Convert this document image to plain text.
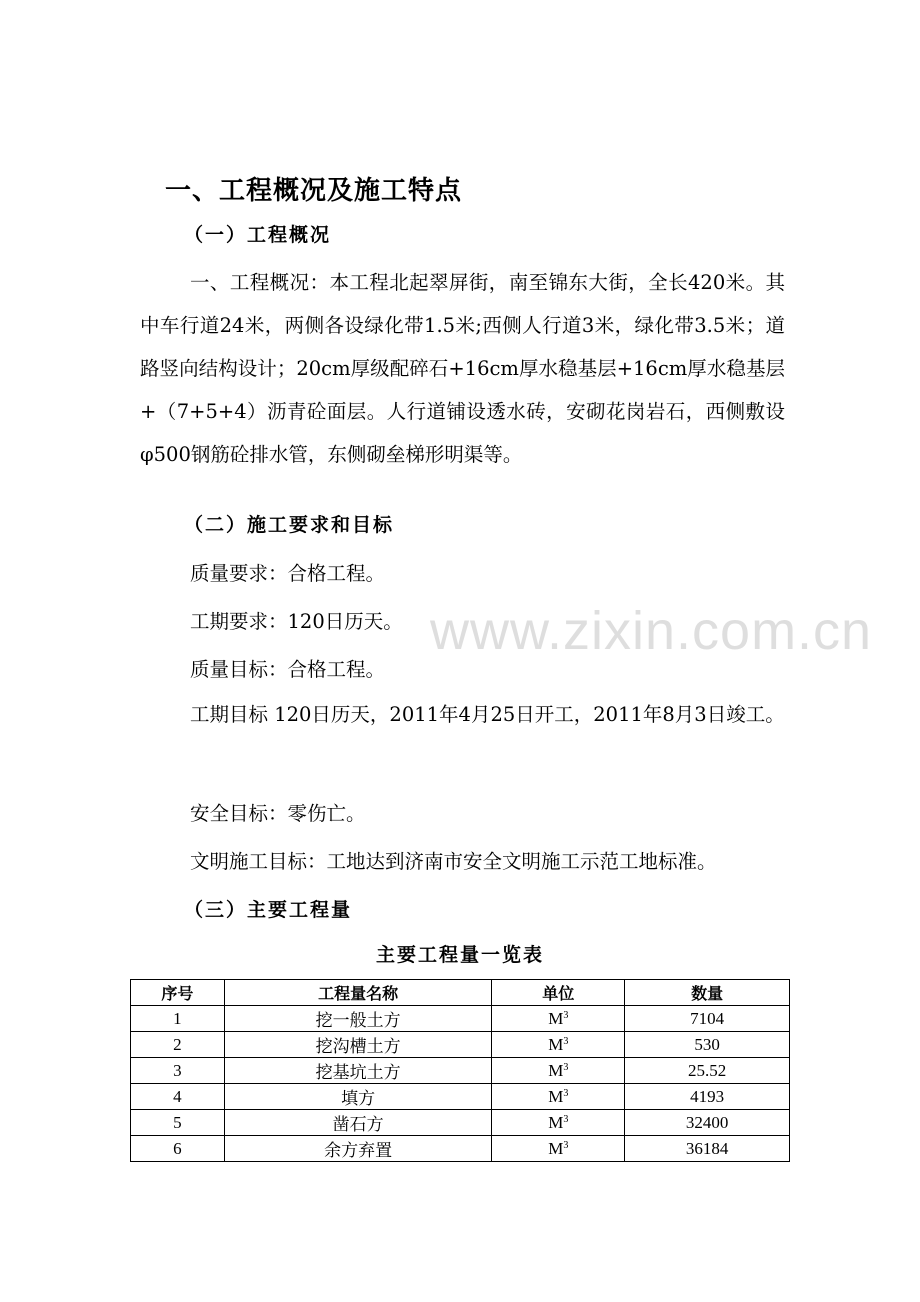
一、工程概况及施工特点
（一）工程概况
一、工程概况：本工程北起翠屏街，南至锦东大街，全长420米。其中车行道24米，两侧各设绿化带1.5米;西侧人行道3米，绿化带3.5米；道路竖向结构设计；20cm厚级配碎石+16cm厚水稳基层+16cm厚水稳基层+（7+5+4）沥青砼面层。人行道铺设透水砖，安砌花岗岩石，西侧敷设φ500钢筋砼排水管，东侧砌垒梯形明渠等。
（二）施工要求和目标
质量要求：合格工程。
工期要求：120日历天。
质量目标：合格工程。
工期目标 120日历天，2011年4月25日开工，2011年8月3日竣工。
安全目标：零伤亡。
文明施工目标：工地达到济南市安全文明施工示范工地标准。
（三）主要工程量
主要工程量一览表
序号	工程量名称	单位	数量
1	挖一般土方	$M^3$	7104
2	挖沟槽土方	$M^3$	530
3	挖基坑土方	$M^3$	25.52
4	填方	$M^3$	4193
5	凿石方	$M^3$	32400
6	余方弃置	$M^3$	36184
www.zixin.com.cn
